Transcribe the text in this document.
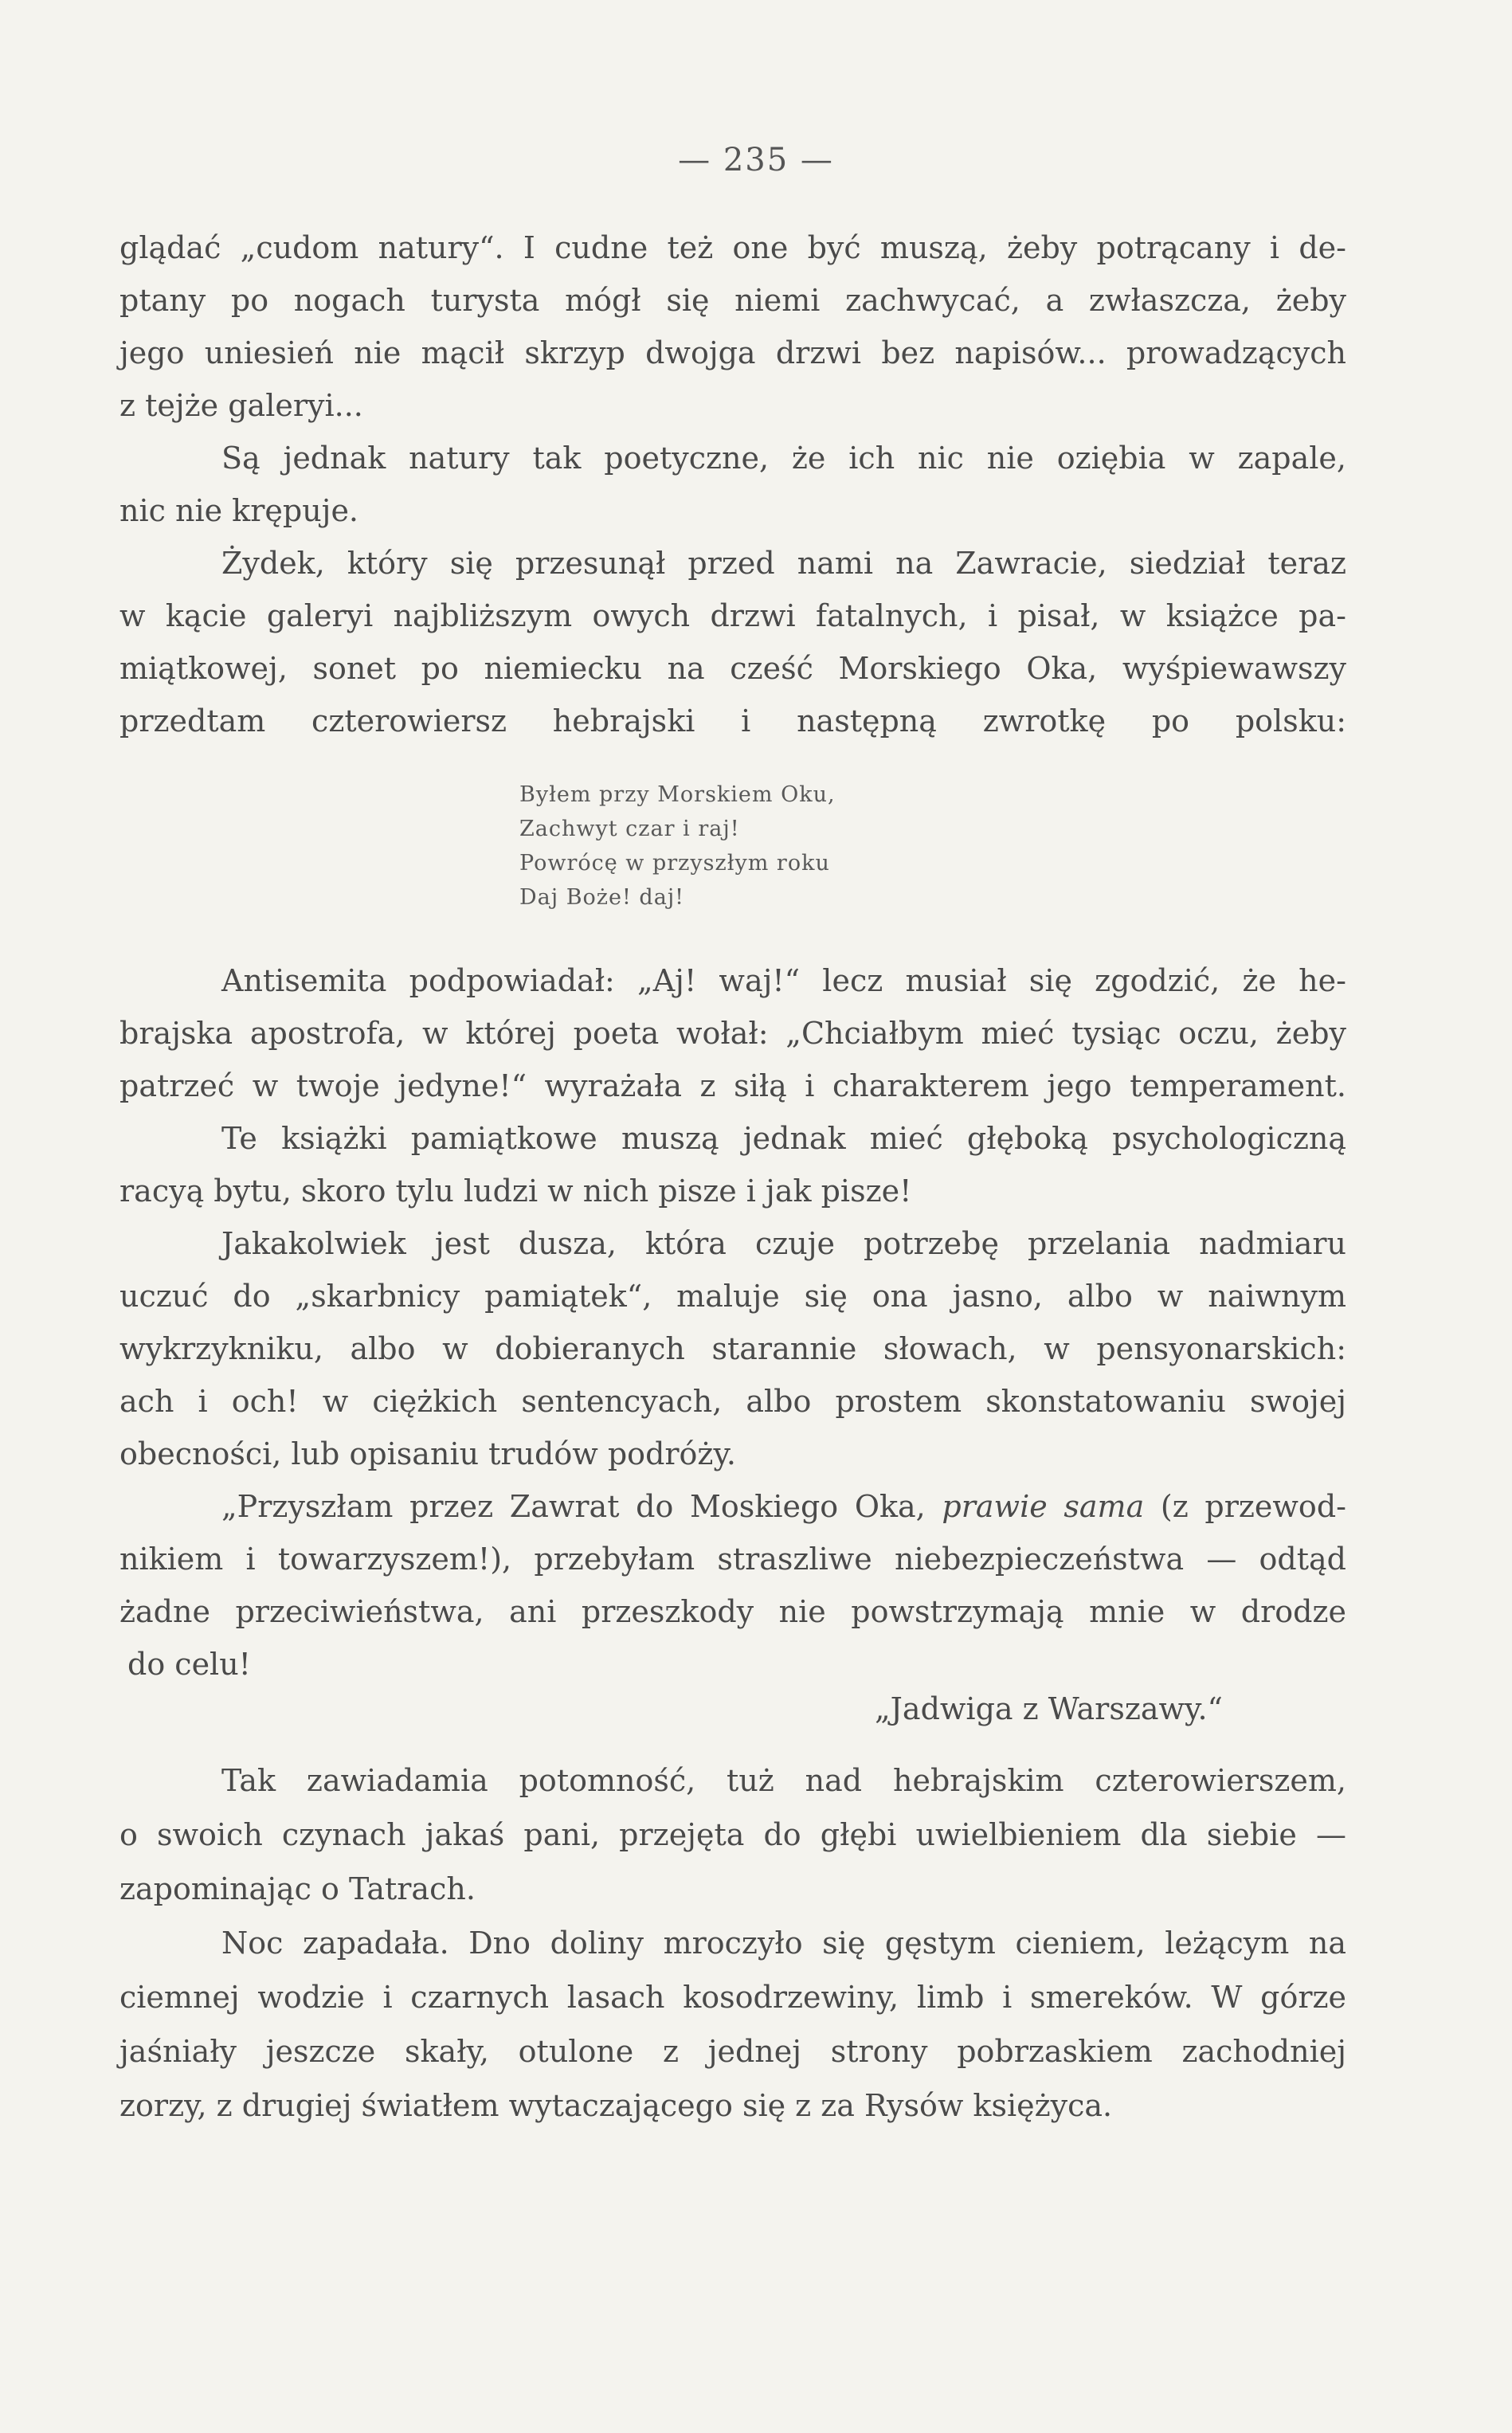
— 235 —
glądać „cudom natury“. I cudne też one być muszą, żeby potrącany i de-
ptany po nogach turysta mógł się niemi zachwycać, a zwłaszcza, żeby
jego uniesień nie mącił skrzyp dwojga drzwi bez napisów... prowadzących
z tejże galeryi...
Są jednak natury tak poetyczne, że ich nic nie oziębia w zapale,
nic nie krępuje.
Żydek, który się przesunął przed nami na Zawracie, siedział teraz
w kącie galeryi najbliższym owych drzwi fatalnych, i pisał, w książce pa-
miątkowej, sonet po niemiecku na cześć Morskiego Oka, wyśpiewawszy
przedtam czterowiersz hebrajski i następną zwrotkę po polsku:
Byłem przy Morskiem Oku,
Zachwyt czar i raj!
Powrócę w przyszłym roku
Daj Boże! daj!
Antisemita podpowiadał: „Aj! waj!“ lecz musiał się zgodzić, że he-
brajska apostrofa, w której poeta wołał: „Chciałbym mieć tysiąc oczu, żeby
patrzeć w twoje jedyne!“ wyrażała z siłą i charakterem jego temperament.
Te książki pamiątkowe muszą jednak mieć głęboką psychologiczną
racyą bytu, skoro tylu ludzi w nich pisze i jak pisze!
Jakakolwiek jest dusza, która czuje potrzebę przelania nadmiaru
uczuć do „skarbnicy pamiątek“, maluje się ona jasno, albo w naiwnym
wykrzykniku, albo w dobieranych starannie słowach, w pensyonarskich:
ach i och! w ciężkich sentencyach, albo prostem skonstatowaniu swojej
obecności, lub opisaniu trudów podróży.
„Przyszłam przez Zawrat do Moskiego Oka, prawie sama (z przewod-
nikiem i towarzyszem!), przebyłam straszliwe niebezpieczeństwa — odtąd
żadne przeciwieństwa, ani przeszkody nie powstrzymają mnie w drodze
do celu!
„Jadwiga z Warszawy.“
Tak zawiadamia potomność, tuż nad hebrajskim czterowierszem,
o swoich czynach jakaś pani, przejęta do głębi uwielbieniem dla siebie —
zapominając o Tatrach.
Noc zapadała. Dno doliny mroczyło się gęstym cieniem, leżącym na
ciemnej wodzie i czarnych lasach kosodrzewiny, limb i smereków. W górze
jaśniały jeszcze skały, otulone z jednej strony pobrzaskiem zachodniej
zorzy, z drugiej światłem wytaczającego się z za Rysów księżyca.
